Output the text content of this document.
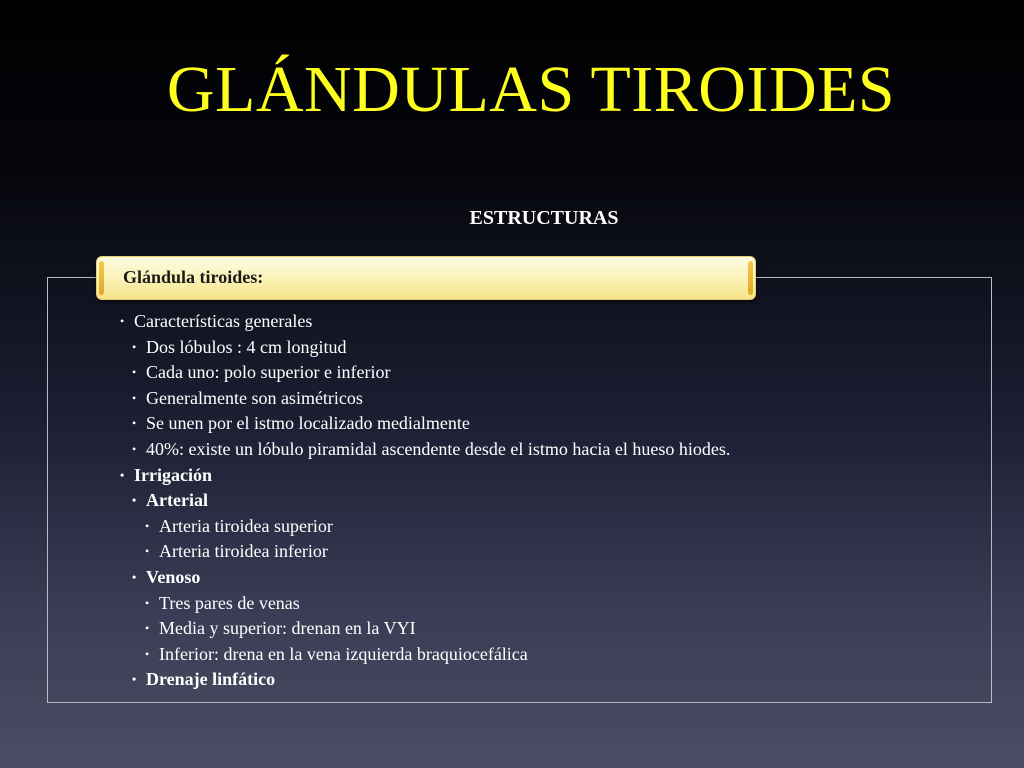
GLÁNDULAS TIROIDES
ESTRUCTURAS
Glándula tiroides:
• Características generales
• Dos lóbulos : 4 cm longitud
• Cada uno: polo superior e inferior
• Generalmente son asimétricos
• Se unen por el istmo localizado medialmente
• 40%: existe un lóbulo piramidal ascendente desde el istmo hacia el hueso hiodes.
• Irrigación
• Arterial
• Arteria tiroidea superior
• Arteria tiroidea inferior
• Venoso
• Tres pares de venas
• Media y superior: drenan en la VYI
• Inferior: drena en la vena izquierda braquiocefálica
• Drenaje linfático
